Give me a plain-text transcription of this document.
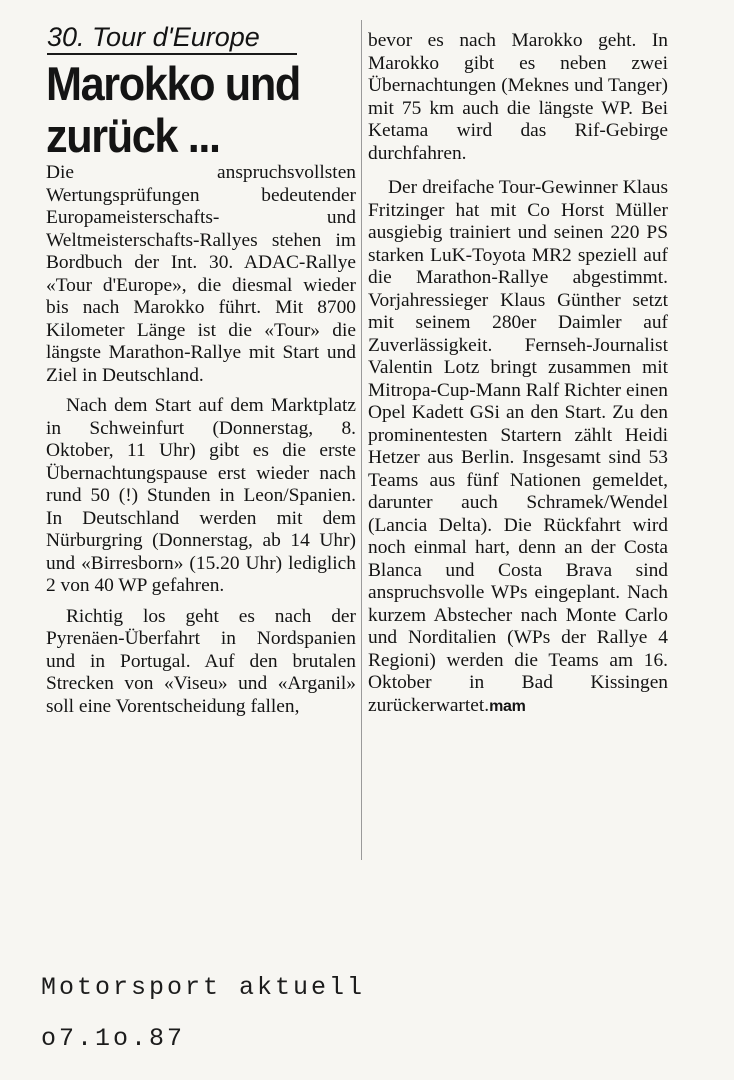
30. Tour d'Europe
Marokko und
zurück ...

Die anspruchsvollsten Wertungsprüfungen bedeutender Europameisterschafts- und Weltmeisterschafts-Rallyes stehen im Bordbuch der Int. 30. ADAC-Rallye «Tour d'Europe», die diesmal wieder bis nach Marokko führt. Mit 8700 Kilometer Länge ist die «Tour» die längste Marathon-Rallye mit Start und Ziel in Deutschland.

Nach dem Start auf dem Marktplatz in Schweinfurt (Donnerstag, 8. Oktober, 11 Uhr) gibt es die erste Übernachtungspause erst wieder nach rund 50 (!) Stunden in Leon/Spanien. In Deutschland werden mit dem Nürburgring (Donnerstag, ab 14 Uhr) und «Birresborn» (15.20 Uhr) lediglich 2 von 40 WP gefahren.

Richtig los geht es nach der Pyrenäen-Überfahrt in Nordspanien und in Portugal. Auf den brutalen Strecken von «Viseu» und «Arganil» soll eine Vorentscheidung fallen,

bevor es nach Marokko geht. In Marokko gibt es neben zwei Übernachtungen (Meknes und Tanger) mit 75 km auch die längste WP. Bei Ketama wird das Rif-Gebirge durchfahren.

Der dreifache Tour-Gewinner Klaus Fritzinger hat mit Co Horst Müller ausgiebig trainiert und seinen 220 PS starken LuK-Toyota MR2 speziell auf die Marathon-Rallye abgestimmt. Vorjahressieger Klaus Günther setzt mit seinem 280er Daimler auf Zuverlässigkeit. Fernseh-Journalist Valentin Lotz bringt zusammen mit Mitropa-Cup-Mann Ralf Richter einen Opel Kadett GSi an den Start. Zu den prominentesten Startern zählt Heidi Hetzer aus Berlin. Insgesamt sind 53 Teams aus fünf Nationen gemeldet, darunter auch Schramek/Wendel (Lancia Delta). Die Rückfahrt wird noch einmal hart, denn an der Costa Blanca und Costa Brava sind anspruchsvolle WPs eingeplant. Nach kurzem Abstecher nach Monte Carlo und Norditalien (WPs der Rallye 4 Regioni) werden die Teams am 16. Oktober in Bad Kissingen zurückerwartet.mam

Motorsport aktuell
o7.1o.87
